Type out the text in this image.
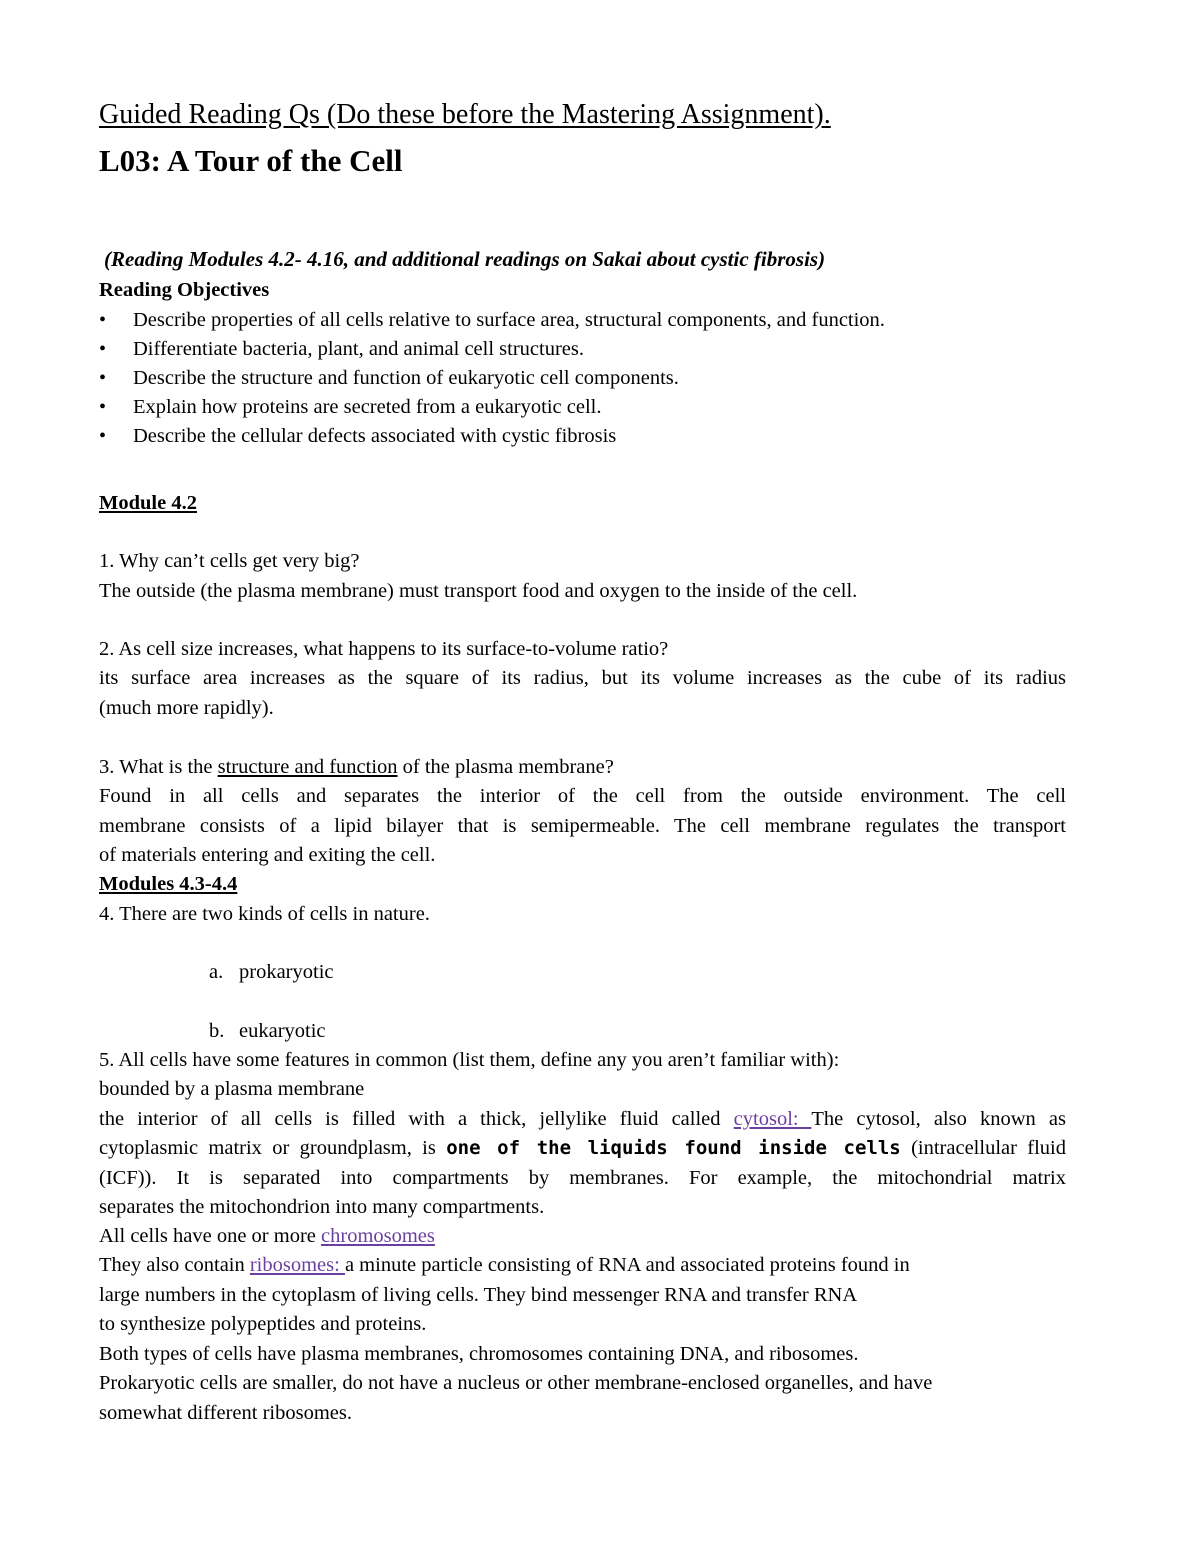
Guided Reading Qs (Do these before the Mastering Assignment).
L03: A Tour of the Cell
(Reading Modules 4.2- 4.16, and additional readings on Sakai about cystic fibrosis)
Reading Objectives
• Describe properties of all cells relative to surface area, structural components, and function.
• Differentiate bacteria, plant, and animal cell structures.
• Describe the structure and function of eukaryotic cell components.
• Explain how proteins are secreted from a eukaryotic cell.
• Describe the cellular defects associated with cystic fibrosis
Module 4.2
1. Why can’t cells get very big?
The outside (the plasma membrane) must transport food and oxygen to the inside of the cell.
2. As cell size increases, what happens to its surface-to-volume ratio?
its surface area increases as the square of its radius, but its volume increases as the cube of its radius
(much more rapidly).
3. What is the structure and function of the plasma membrane?
Found in all cells and separates the interior of the cell from the outside environment. The cell
membrane consists of a lipid bilayer that is semipermeable. The cell membrane regulates the transport
of materials entering and exiting the cell.
Modules 4.3-4.4
4. There are two kinds of cells in nature.
a. prokaryotic
b. eukaryotic
5. All cells have some features in common (list them, define any you aren’t familiar with):
bounded by a plasma membrane
the interior of all cells is filled with a thick, jellylike fluid called cytosol: The cytosol, also known as
cytoplasmic matrix or groundplasm, is one of the liquids found inside cells (intracellular fluid
(ICF)). It is separated into compartments by membranes. For example, the mitochondrial matrix
separates the mitochondrion into many compartments.
All cells have one or more chromosomes
They also contain ribosomes: a minute particle consisting of RNA and associated proteins found in
large numbers in the cytoplasm of living cells. They bind messenger RNA and transfer RNA
to synthesize polypeptides and proteins.
Both types of cells have plasma membranes, chromosomes containing DNA, and ribosomes.
Prokaryotic cells are smaller, do not have a nucleus or other membrane-enclosed organelles, and have
somewhat different ribosomes.
